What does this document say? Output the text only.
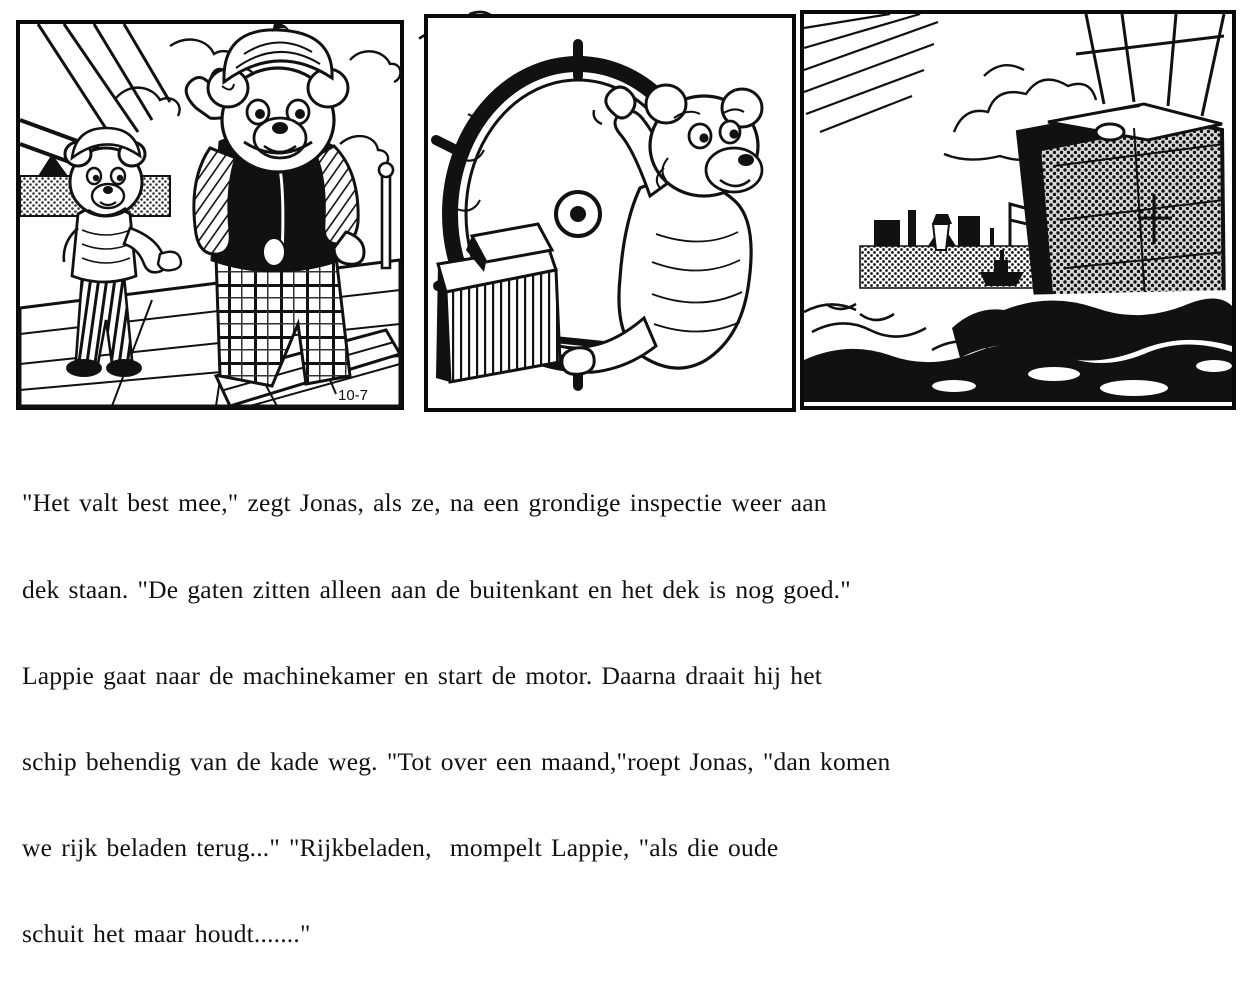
10-7

"Het valt best mee," zegt Jonas, als ze, na een grondige inspectie weer aan

dek staan. "De gaten zitten alleen aan de buitenkant en het dek is nog goed."

Lappie gaat naar de machinekamer en start de motor. Daarna draait hij het

schip behendig van de kade weg. "Tot over een maand,"roept Jonas, "dan komen

we rijk beladen terug..." "Rijkbeladen,  mompelt Lappie, "als die oude

schuit het maar houdt......."
